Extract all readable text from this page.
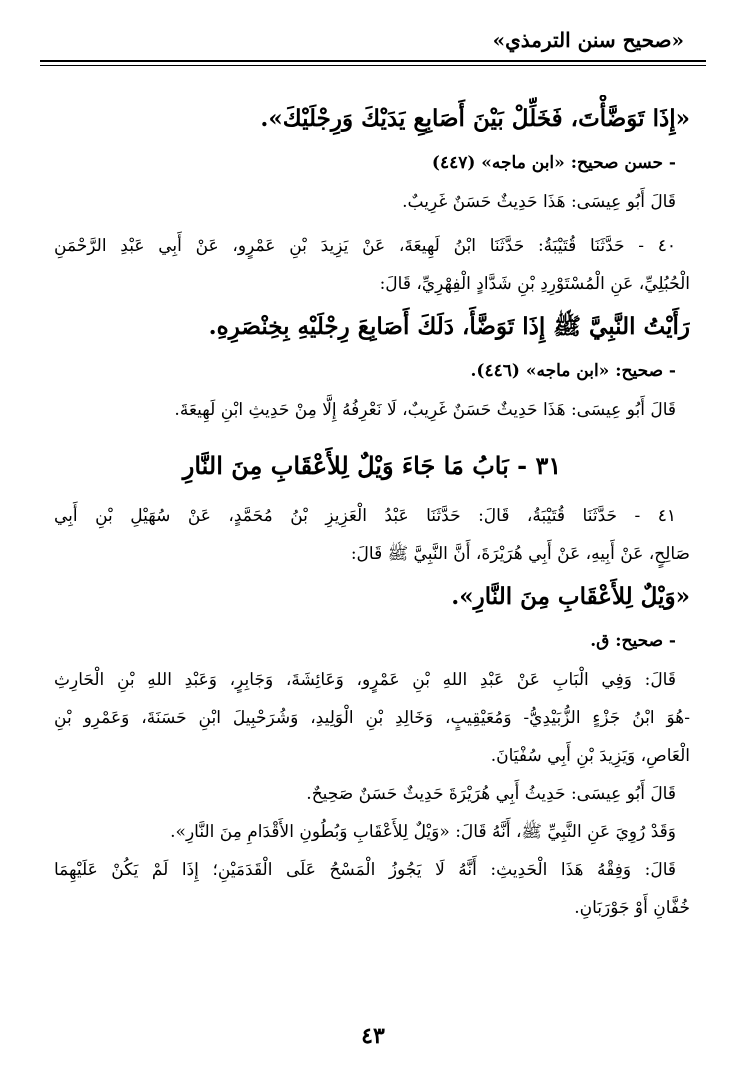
«صحيح سنن الترمذي»
«إِذَا تَوَضَّأْتَ، فَخَلِّلْ بَيْنَ أَصَابِعِ يَدَيْكَ وَرِجْلَيْكَ».
- حسن صحيح: «ابن ماجه» (٤٤٧)
قَالَ أَبُو عِيسَى: هَذَا حَدِيثٌ حَسَنٌ غَرِيبٌ.
٤٠ - حَدَّثَنَا قُتَيْبَةُ: حَدَّثَنَا ابْنُ لَهِيعَةَ، عَنْ يَزِيدَ بْنِ عَمْرٍو، عَنْ أَبِي عَبْدِ الرَّحْمَنِ
الْحُبُلِيِّ، عَنِ الْمُسْتَوْرِدِ بْنِ شَدَّادٍ الْفِهْرِيِّ، قَالَ:
رَأَيْتُ النَّبِيَّ ﷺ إِذَا تَوَضَّأَ، دَلَكَ أَصَابِعَ رِجْلَيْهِ بِخِنْصَرِهِ.
- صحيح: «ابن ماجه» (٤٤٦).
قَالَ أَبُو عِيسَى: هَذَا حَدِيثٌ حَسَنٌ غَرِيبٌ، لَا نَعْرِفُهُ إِلَّا مِنْ حَدِيثِ ابْنِ لَهِيعَةَ.
٣١ - بَابُ مَا جَاءَ وَيْلٌ لِلأَعْقَابِ مِنَ النَّارِ
٤١ - حَدَّثَنَا قُتَيْبَةُ، قَالَ: حَدَّثَنَا عَبْدُ الْعَزِيزِ بْنُ مُحَمَّدٍ، عَنْ سُهَيْلِ بْنِ أَبِي
صَالِحٍ، عَنْ أَبِيهِ، عَنْ أَبِي هُرَيْرَةَ، أَنَّ النَّبِيَّ ﷺ قَالَ:
«وَيْلٌ لِلأَعْقَابِ مِنَ النَّارِ».
- صحيح: ق.
قَالَ: وَفِي الْبَابِ عَنْ عَبْدِ اللهِ بْنِ عَمْرٍو، وَعَائِشَةَ، وَجَابِرٍ، وَعَبْدِ اللهِ بْنِ الْحَارِثِ
-هُوَ ابْنُ جَزْءٍ الزُّبَيْدِيُّ- وَمُعَيْقِيبٍ، وَخَالِدِ بْنِ الْوَلِيدِ، وَشُرَحْبِيلَ ابْنِ حَسَنَةَ، وَعَمْرِو بْنِ
الْعَاصِ، وَيَزِيدَ بْنِ أَبِي سُفْيَانَ.
قَالَ أَبُو عِيسَى: حَدِيثُ أَبِي هُرَيْرَةَ حَدِيثٌ حَسَنٌ صَحِيحٌ.
وَقَدْ رُوِيَ عَنِ النَّبِيِّ ﷺ، أَنَّهُ قَالَ: «وَيْلٌ لِلأَعْقَابِ وَبُطُونِ الأَقْدَامِ مِنَ النَّارِ».
قَالَ: وَفِقْهُ هَذَا الْحَدِيثِ: أَنَّهُ لَا يَجُوزُ الْمَسْحُ عَلَى الْقَدَمَيْنِ؛ إِذَا لَمْ يَكُنْ عَلَيْهِمَا
خُفَّانِ أَوْ جَوْرَبَانِ.
٤٣
